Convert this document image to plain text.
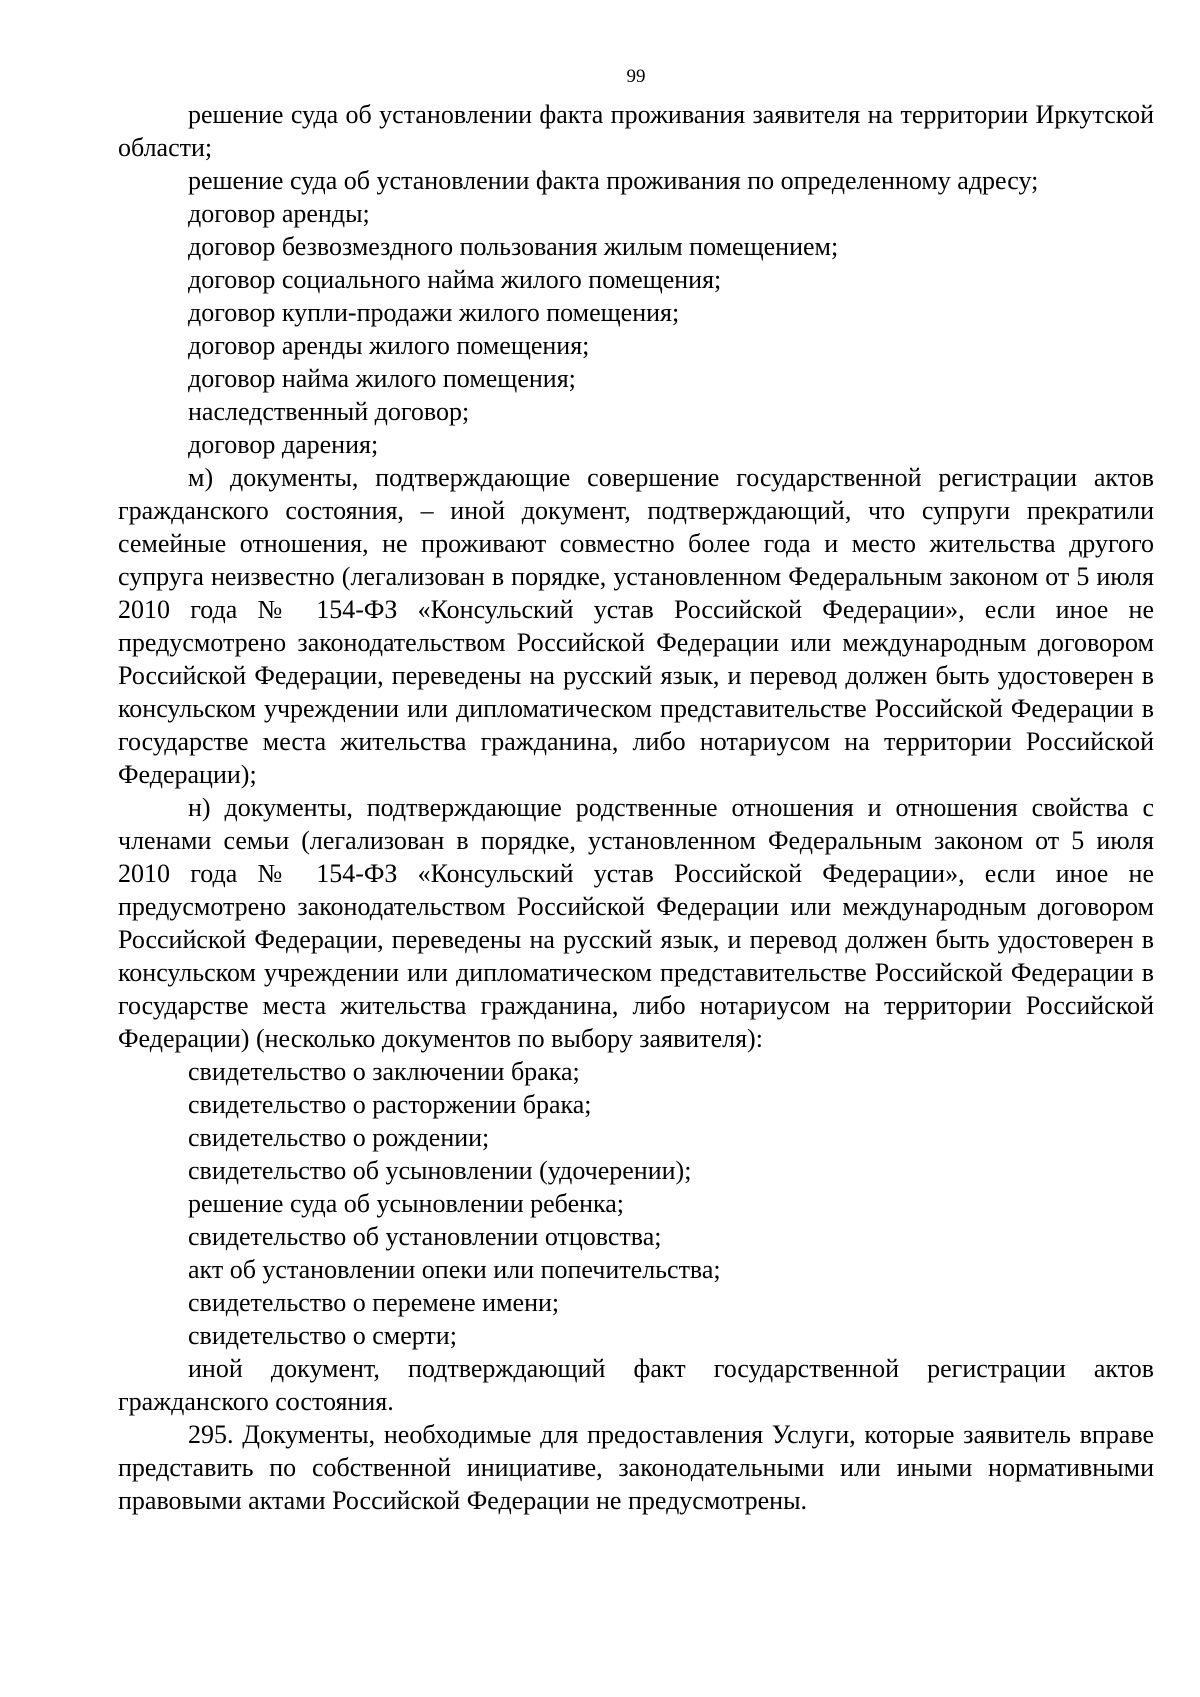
99

решение суда об установлении факта проживания заявителя на территории Иркутской области;

решение суда об установлении факта проживания по определенному адресу;

договор аренды;

договор безвозмездного пользования жилым помещением;

договор социального найма жилого помещения;

договор купли-продажи жилого помещения;

договор аренды жилого помещения;

договор найма жилого помещения;

наследственный договор;

договор дарения;

м) документы, подтверждающие совершение государственной регистрации актов гражданского состояния, – иной документ, подтверждающий, что супруги прекратили семейные отношения, не проживают совместно более года и место жительства другого супруга неизвестно (легализован в порядке, установленном Федеральным законом от 5 июля 2010 года № 154-ФЗ «Консульский устав Российской Федерации», если иное не предусмотрено законодательством Российской Федерации или международным договором Российской Федерации, переведены на русский язык, и перевод должен быть удостоверен в консульском учреждении или дипломатическом представительстве Российской Федерации в государстве места жительства гражданина, либо нотариусом на территории Российской Федерации);

н) документы, подтверждающие родственные отношения и отношения свойства с членами семьи (легализован в порядке, установленном Федеральным законом от 5 июля 2010 года № 154-ФЗ «Консульский устав Российской Федерации», если иное не предусмотрено законодательством Российской Федерации или международным договором Российской Федерации, переведены на русский язык, и перевод должен быть удостоверен в консульском учреждении или дипломатическом представительстве Российской Федерации в государстве места жительства гражданина, либо нотариусом на территории Российской Федерации) (несколько документов по выбору заявителя):

свидетельство о заключении брака;

свидетельство о расторжении брака;

свидетельство о рождении;

свидетельство об усыновлении (удочерении);

решение суда об усыновлении ребенка;

свидетельство об установлении отцовства;

акт об установлении опеки или попечительства;

свидетельство о перемене имени;

свидетельство о смерти;

иной документ, подтверждающий факт государственной регистрации актов гражданского состояния.

295. Документы, необходимые для предоставления Услуги, которые заявитель вправе представить по собственной инициативе, законодательными или иными нормативными правовыми актами Российской Федерации не предусмотрены.
